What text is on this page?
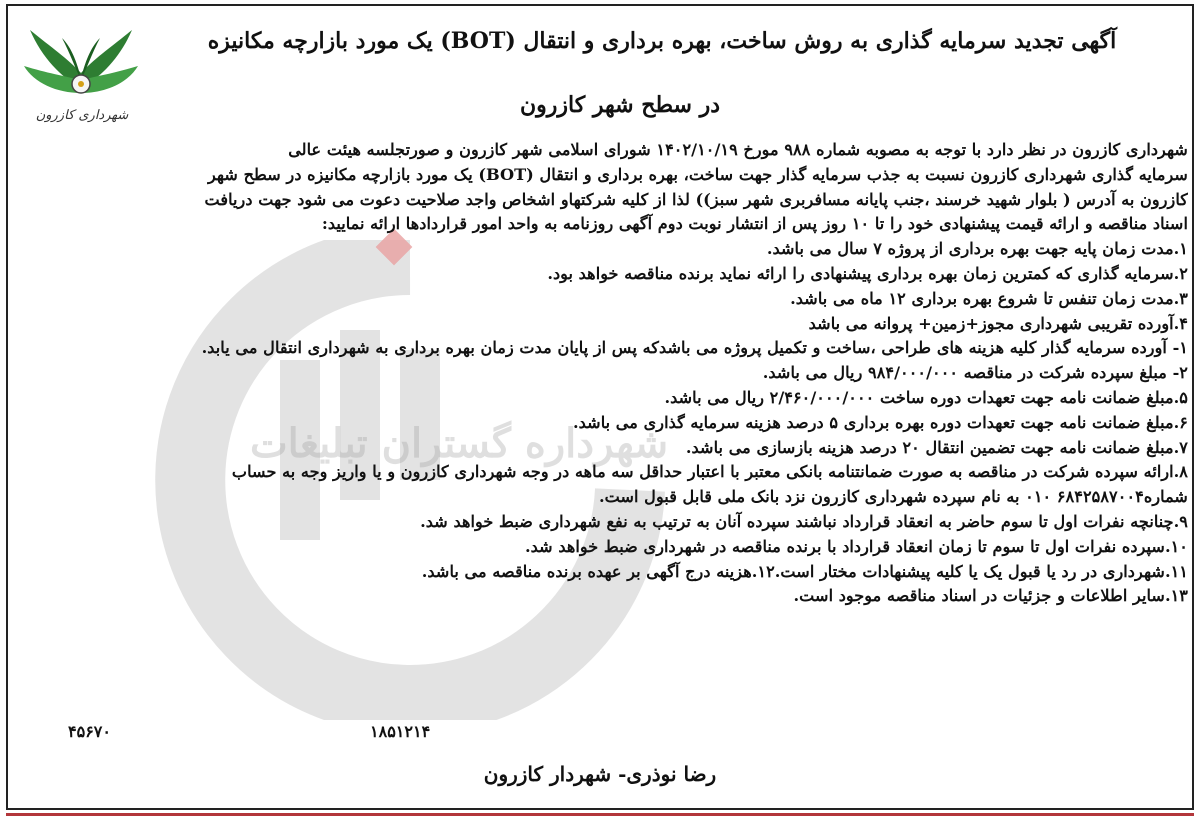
شهرداره گستران تبلیغات
شهرداری کازرون
آگهی تجدید سرمایه گذاری به روش ساخت، بهره برداری و انتقال (BOT) یک مورد بازارچه مکانیزه
در سطح شهر کازرون
شهرداری کازرون در نظر دارد با توجه به مصوبه شماره ۹۸۸ مورخ ۱۴۰۲/۱۰/۱۹ شورای اسلامی شهر کازرون و صورتجلسه هیئت عالی
سرمایه گذاری شهرداری کازرون نسبت به جذب سرمایه گذار جهت ساخت، بهره برداری و انتقال (BOT) یک مورد بازارچه مکانیزه در سطح شهر
کازرون به آدرس ( بلوار شهید خرسند ،جنب پایانه مسافربری شهر سبز)) لذا از کلیه شرکتهاو اشخاص واجد صلاحیت دعوت می شود جهت دریافت
اسناد مناقصه و ارائه قیمت پیشنهادی خود را تا ۱۰ روز پس از انتشار نوبت دوم آگهی روزنامه به واحد امور قراردادها ارائه نمایید:
۱.مدت زمان پایه جهت بهره برداری از پروژه ۷ سال می باشد.
۲.سرمایه گذاری که کمترین زمان بهره برداری پیشنهادی را ارائه نماید برنده مناقصه خواهد بود.
۳.مدت زمان تنفس تا شروع بهره برداری ۱۲ ماه می باشد.
۴.آورده تقریبی شهرداری مجوز+زمین+ پروانه می باشد
۱- آورده سرمایه گذار کلیه هزینه های طراحی ،ساخت و تکمیل پروژه می باشدکه پس از پایان مدت زمان بهره برداری به شهرداری انتقال می یابد.
۲- مبلغ سپرده شرکت در مناقصه ۹۸۴/۰۰۰/۰۰۰ ریال می باشد.
۵.مبلغ ضمانت نامه جهت تعهدات دوره ساخت ۲/۴۶۰/۰۰۰/۰۰۰ ریال می باشد.
۶.مبلغ ضمانت نامه جهت تعهدات دوره بهره برداری ۵ درصد هزینه سرمایه گذاری می باشد.
۷.مبلغ ضمانت نامه جهت تضمین انتقال ۲۰ درصد هزینه بازسازی می باشد.
۸.ارائه سپرده شرکت در مناقصه به صورت ضمانتنامه بانکی معتبر با اعتبار حداقل سه ماهه در وجه شهرداری کازرون و یا واریز وجه به حساب
شماره۶۸۴۲۵۸۷۰۰۴ ۰۱۰ به نام سپرده شهرداری کازرون نزد بانک ملی قابل قبول است.
۹.چنانچه نفرات اول تا سوم حاضر به انعقاد قرارداد نباشند سپرده آنان به ترتیب به نفع شهرداری ضبط خواهد شد.
۱۰.سپرده نفرات اول تا سوم تا زمان انعقاد قرارداد با برنده مناقصه در شهرداری ضبط خواهد شد.
۱۱.شهرداری در رد یا قبول یک یا کلیه پیشنهادات مختار است.
۱۲.هزینه درج آگهی بر عهده برنده مناقصه می باشد.
۱۳.سایر اطلاعات و جزئیات در اسناد مناقصه موجود است.
۱۸۵۱۲۱۴
۴۵۶۷۰
رضا نوذری- شهردار کازرون
